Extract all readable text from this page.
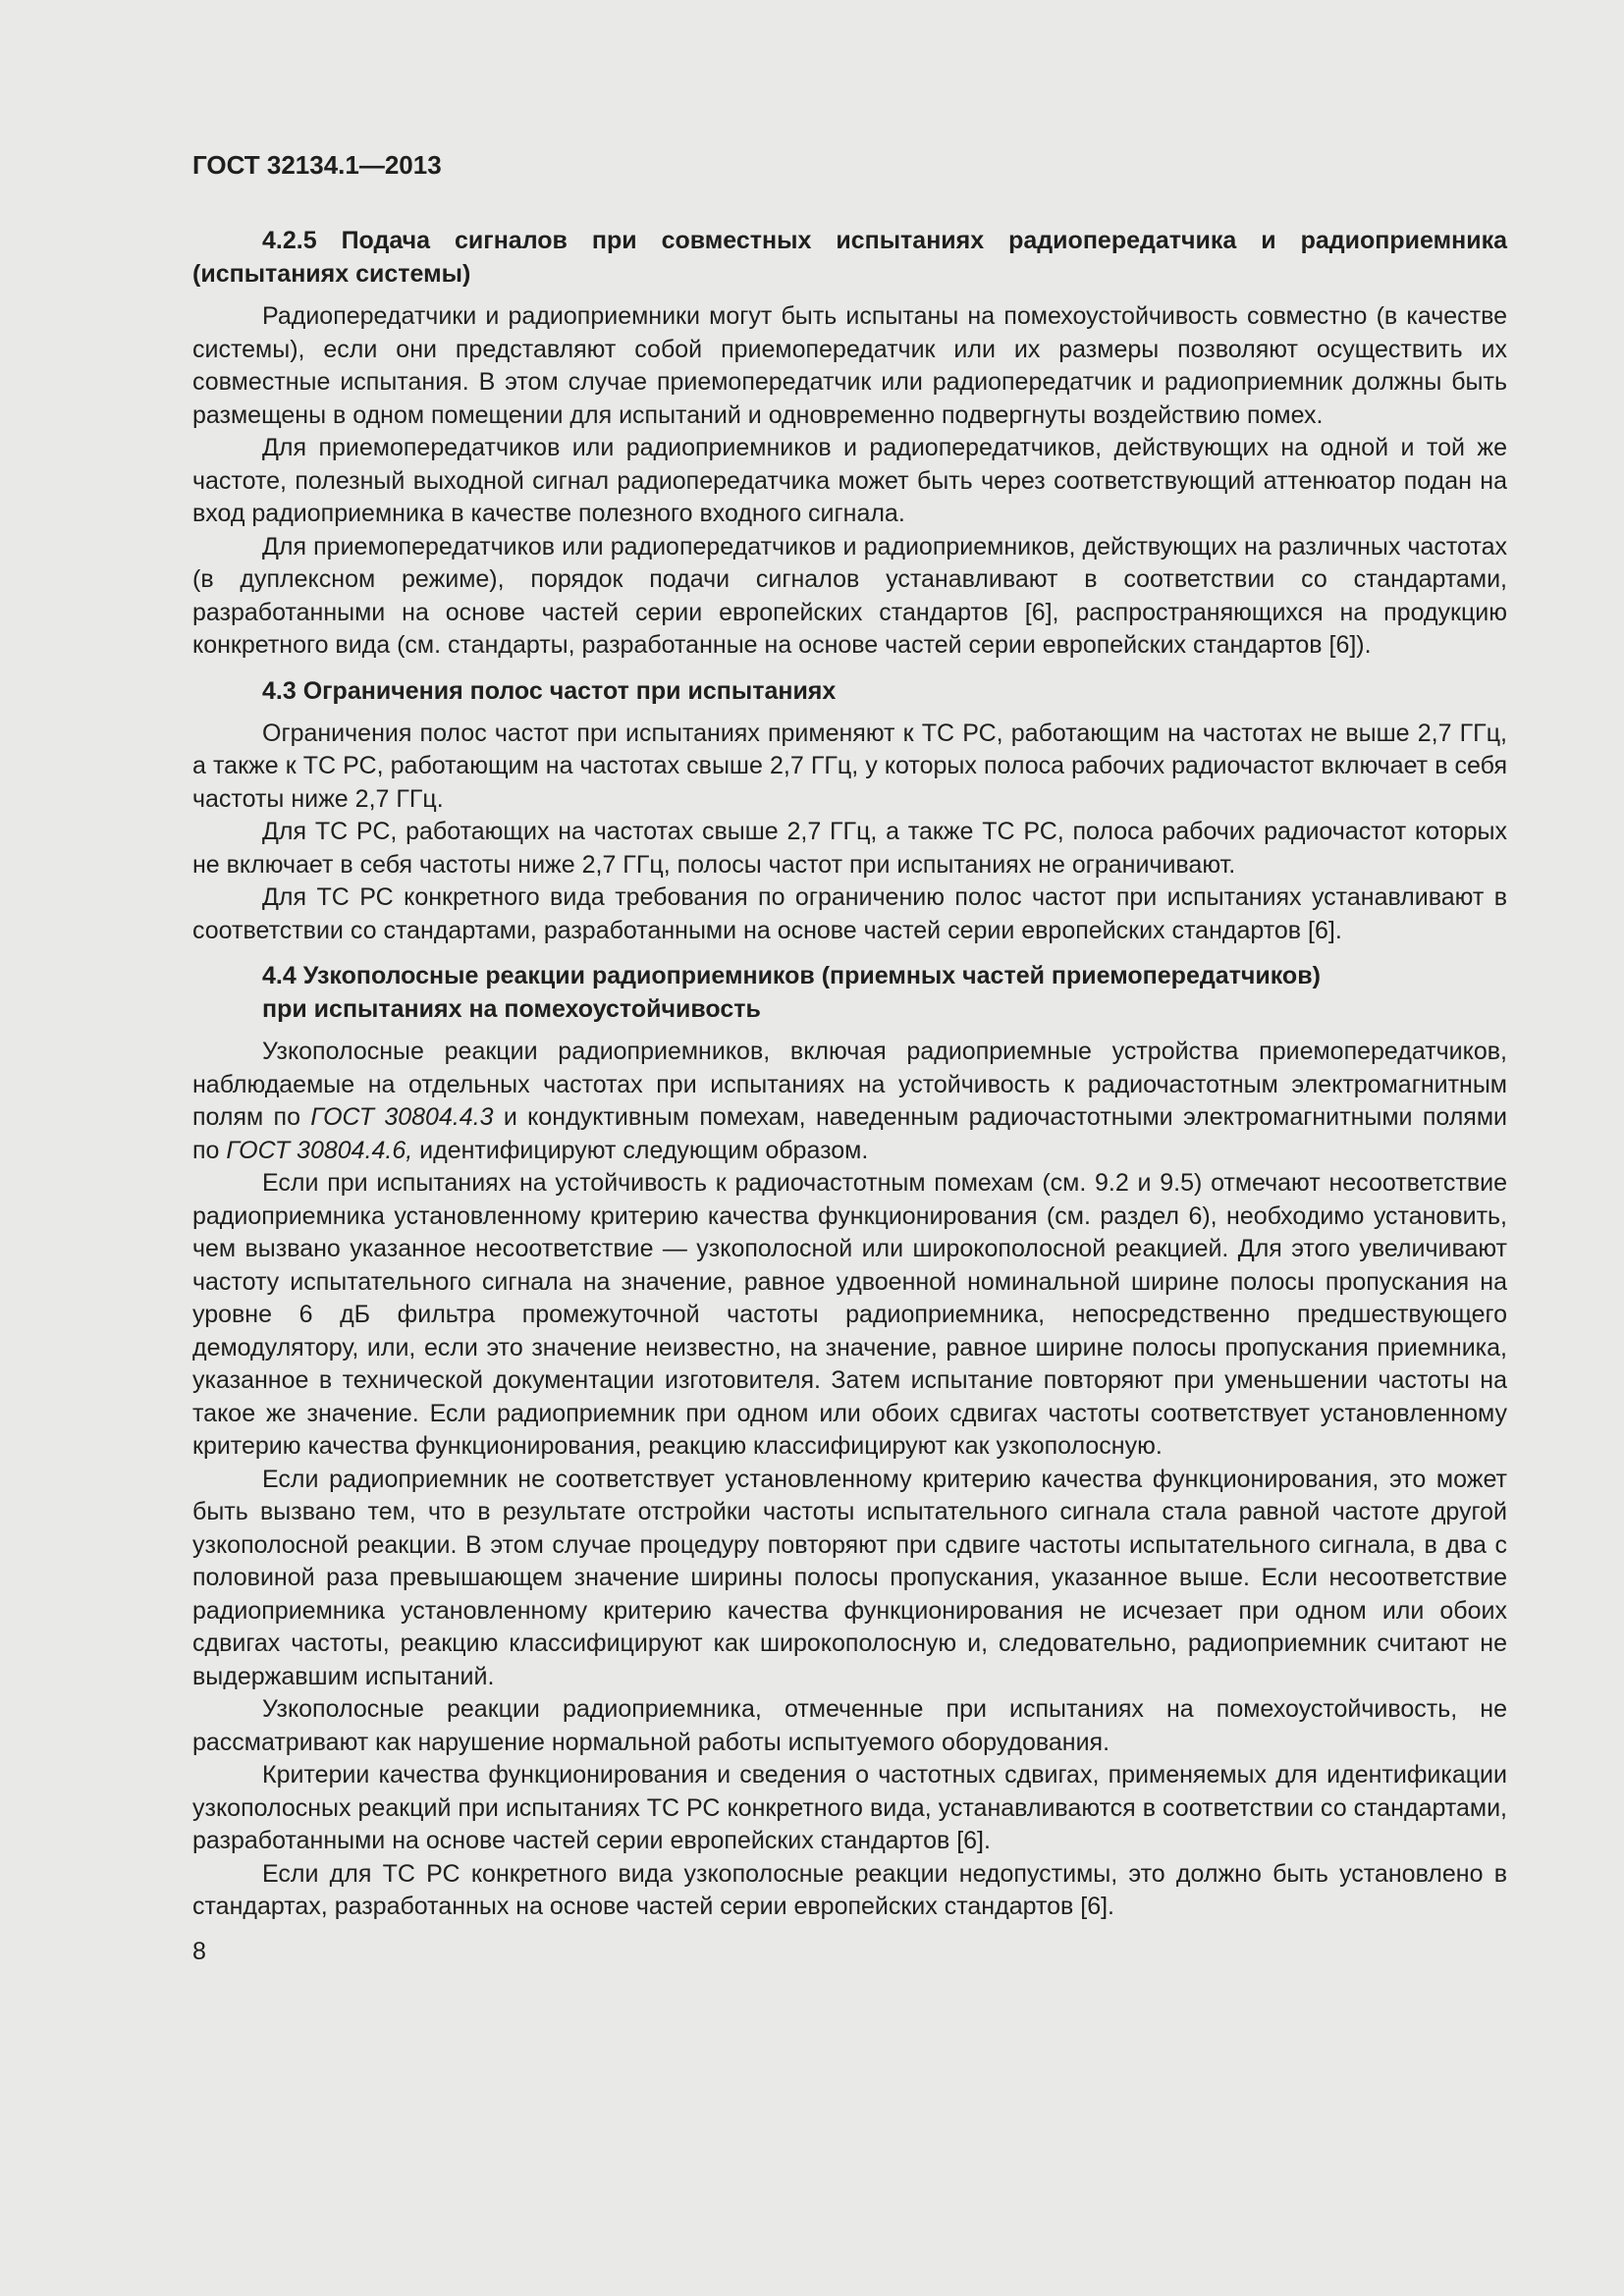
ГОСТ 32134.1—2013
4.2.5 Подача сигналов при совместных испытаниях радиопередатчика и радиоприемника (испытаниях системы)

Радиопередатчики и радиоприемники могут быть испытаны на помехоустойчивость совместно (в качестве системы), если они представляют собой приемопередатчик или их размеры позволяют осуществить их совместные испытания. В этом случае приемопередатчик или радиопередатчик и радиоприемник должны быть размещены в одном помещении для испытаний и одновременно подвергнуты воздействию помех.

Для приемопередатчиков или радиоприемников и радиопередатчиков, действующих на одной и той же частоте, полезный выходной сигнал радиопередатчика может быть через соответствующий аттенюатор подан на вход радиоприемника в качестве полезного входного сигнала.

Для приемопередатчиков или радиопередатчиков и радиоприемников, действующих на различных частотах (в дуплексном режиме), порядок подачи сигналов устанавливают в соответствии со стандартами, разработанными на основе частей серии европейских стандартов [6], распространяющихся на продукцию конкретного вида (см. стандарты, разработанные на основе частей серии европейских стандартов [6]).

4.3 Ограничения полос частот при испытаниях

Ограничения полос частот при испытаниях применяют к ТС РС, работающим на частотах не выше 2,7 ГГц, а также к ТС РС, работающим на частотах свыше 2,7 ГГц, у которых полоса рабочих радиочастот включает в себя частоты ниже 2,7 ГГц.

Для ТС РС, работающих на частотах свыше 2,7 ГГц, а также ТС РС, полоса рабочих радиочастот которых не включает в себя частоты ниже 2,7 ГГц, полосы частот при испытаниях не ограничивают.

Для ТС РС конкретного вида требования по ограничению полос частот при испытаниях устанавливают в соответствии со стандартами, разработанными на основе частей серии европейских стандартов [6].

4.4 Узкополосные реакции радиоприемников (приемных частей приемопередатчиков)
при испытаниях на помехоустойчивость

Узкополосные реакции радиоприемников, включая радиоприемные устройства приемопередатчиков, наблюдаемые на отдельных частотах при испытаниях на устойчивость к радиочастотным электромагнитным полям по ГОСТ 30804.4.3 и кондуктивным помехам, наведенным радиочастотными электромагнитными полями по ГОСТ 30804.4.6, идентифицируют следующим образом.

Если при испытаниях на устойчивость к радиочастотным помехам (см. 9.2 и 9.5) отмечают несоответствие радиоприемника установленному критерию качества функционирования (см. раздел 6), необходимо установить, чем вызвано указанное несоответствие — узкополосной или широкополосной реакцией. Для этого увеличивают частоту испытательного сигнала на значение, равное удвоенной номинальной ширине полосы пропускания на уровне 6 дБ фильтра промежуточной частоты радиоприемника, непосредственно предшествующего демодулятору, или, если это значение неизвестно, на значение, равное ширине полосы пропускания приемника, указанное в технической документации изготовителя. Затем испытание повторяют при уменьшении частоты на такое же значение. Если радиоприемник при одном или обоих сдвигах частоты соответствует установленному критерию качества функционирования, реакцию классифицируют как узкополосную.

Если радиоприемник не соответствует установленному критерию качества функционирования, это может быть вызвано тем, что в результате отстройки частоты испытательного сигнала стала равной частоте другой узкополосной реакции. В этом случае процедуру повторяют при сдвиге частоты испытательного сигнала, в два с половиной раза превышающем значение ширины полосы пропускания, указанное выше. Если несоответствие радиоприемника установленному критерию качества функционирования не исчезает при одном или обоих сдвигах частоты, реакцию классифицируют как широкополосную и, следовательно, радиоприемник считают не выдержавшим испытаний.

Узкополосные реакции радиоприемника, отмеченные при испытаниях на помехоустойчивость, не рассматривают как нарушение нормальной работы испытуемого оборудования.

Критерии качества функционирования и сведения о частотных сдвигах, применяемых для идентификации узкополосных реакций при испытаниях ТС РС конкретного вида, устанавливаются в соответствии со стандартами, разработанными на основе частей серии европейских стандартов [6].

Если для ТС РС конкретного вида узкополосные реакции недопустимы, это должно быть установлено в стандартах, разработанных на основе частей серии европейских стандартов [6].

8
